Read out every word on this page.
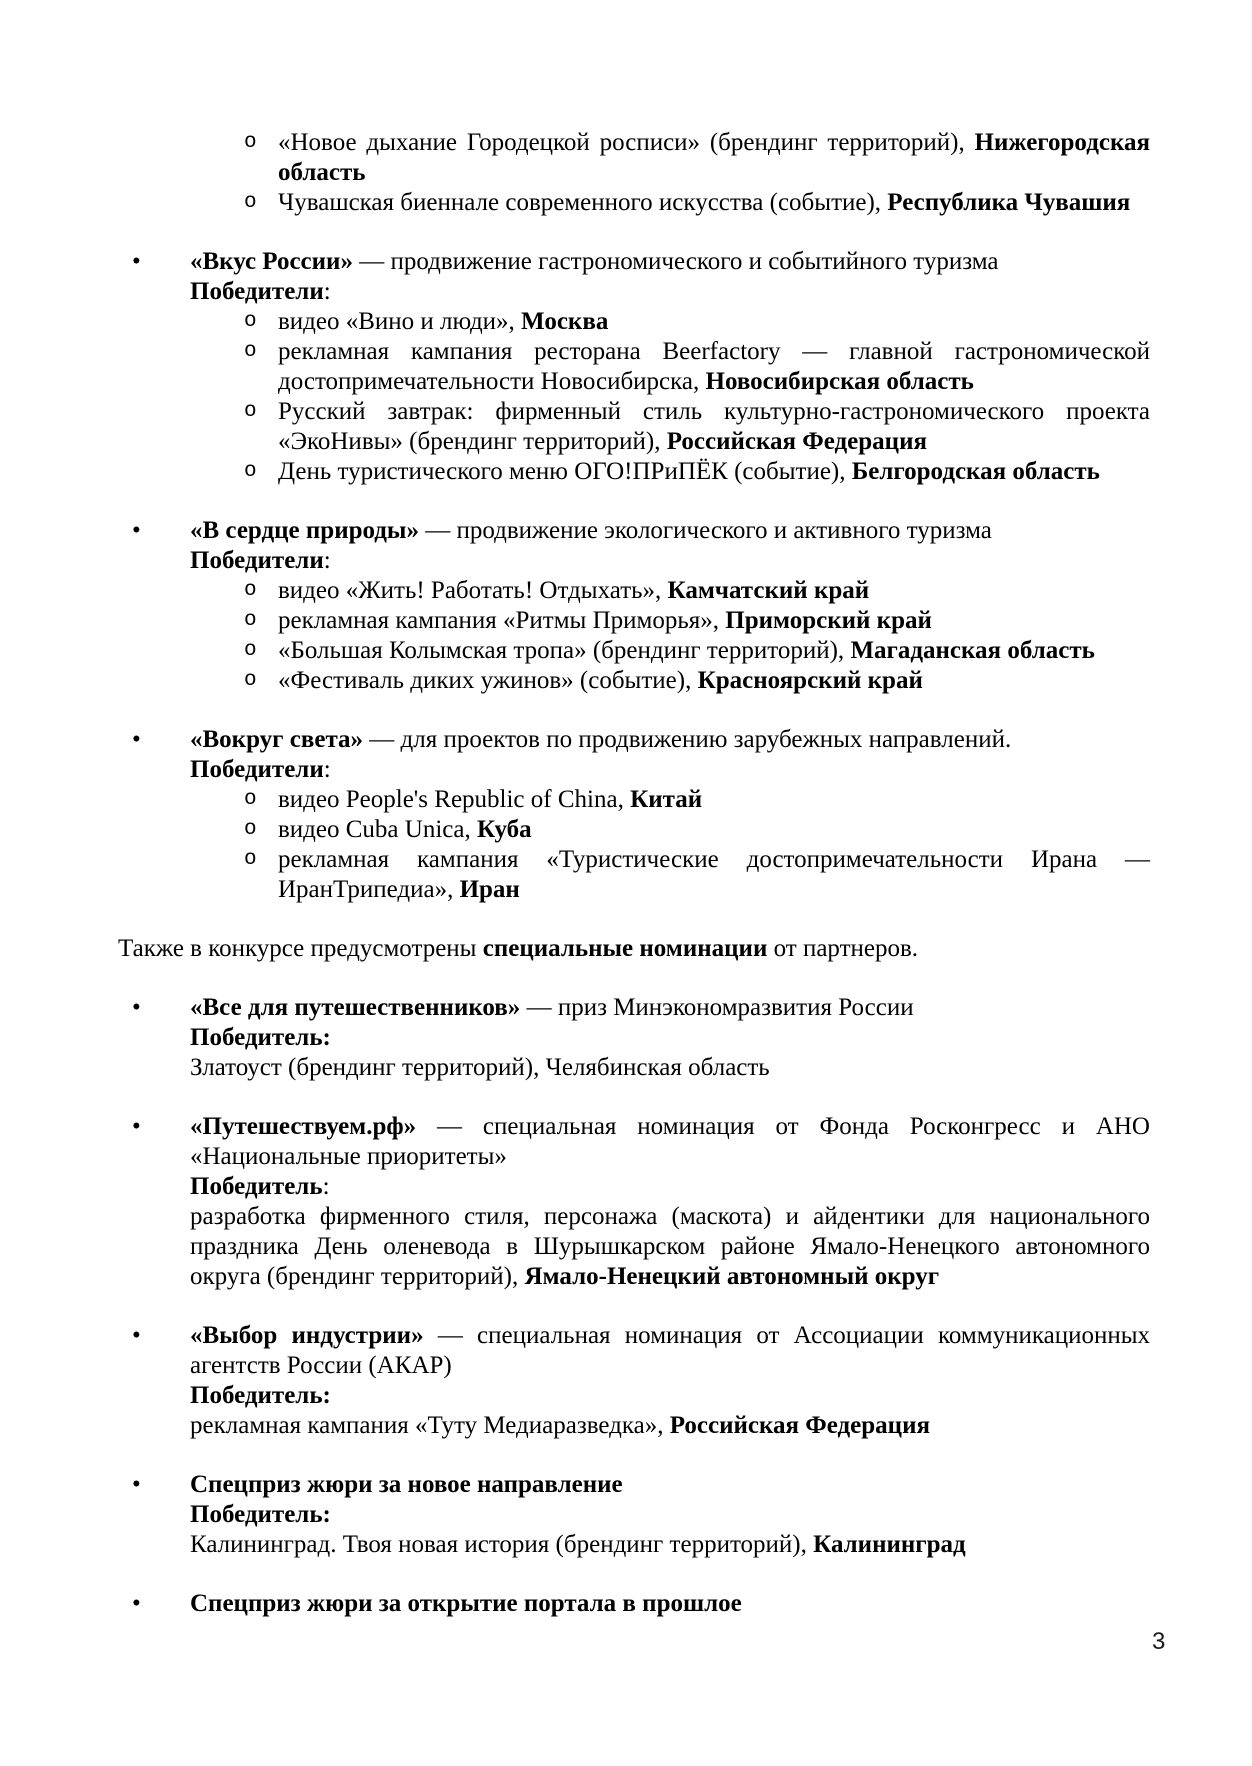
o «Новое дыхание Городецкой росписи» (брендинг территорий), Нижегородская область
o Чувашская биеннале современного искусства (событие), Республика Чувашия
• «Вкус России» — продвижение гастрономического и событийного туризма
Победители:
o видео «Вино и люди», Москва
o рекламная кампания ресторана Beerfactory — главной гастрономической достопримечательности Новосибирска, Новосибирская область
o Русский завтрак: фирменный стиль культурно-гастрономического проекта «ЭкоНивы» (брендинг территорий), Российская Федерация
o День туристического меню ОГО!ПРиПЁК (событие), Белгородская область
• «В сердце природы» — продвижение экологического и активного туризма
Победители:
o видео «Жить! Работать! Отдыхать», Камчатский край
o рекламная кампания «Ритмы Приморья», Приморский край
o «Большая Колымская тропа» (брендинг территорий), Магаданская область
o «Фестиваль диких ужинов» (событие), Красноярский край
• «Вокруг света» — для проектов по продвижению зарубежных направлений.
Победители:
o видео People's Republic of China, Китай
o видео Cuba Unica, Куба
o рекламная кампания «Туристические достопримечательности Ирана — ИранТрипедиа», Иран
Также в конкурсе предусмотрены специальные номинации от партнеров.
• «Все для путешественников» — приз Минэкономразвития России
Победитель:
Златоуст (брендинг территорий), Челябинская область
• «Путешествуем.рф» — специальная номинация от Фонда Росконгресс и АНО «Национальные приоритеты»
Победитель:
разработка фирменного стиля, персонажа (маскота) и айдентики для национального праздника День оленевода в Шурышкарском районе Ямало-Ненецкого автономного округа (брендинг территорий), Ямало-Ненецкий автономный округ
• «Выбор индустрии» — специальная номинация от Ассоциации коммуникационных агентств России (АКАР)
Победитель:
рекламная кампания «Туту Медиаразведка», Российская Федерация
• Спецприз жюри за новое направление
Победитель:
Калининград. Твоя новая история (брендинг территорий), Калининград
• Спецприз жюри за открытие портала в прошлое
3
